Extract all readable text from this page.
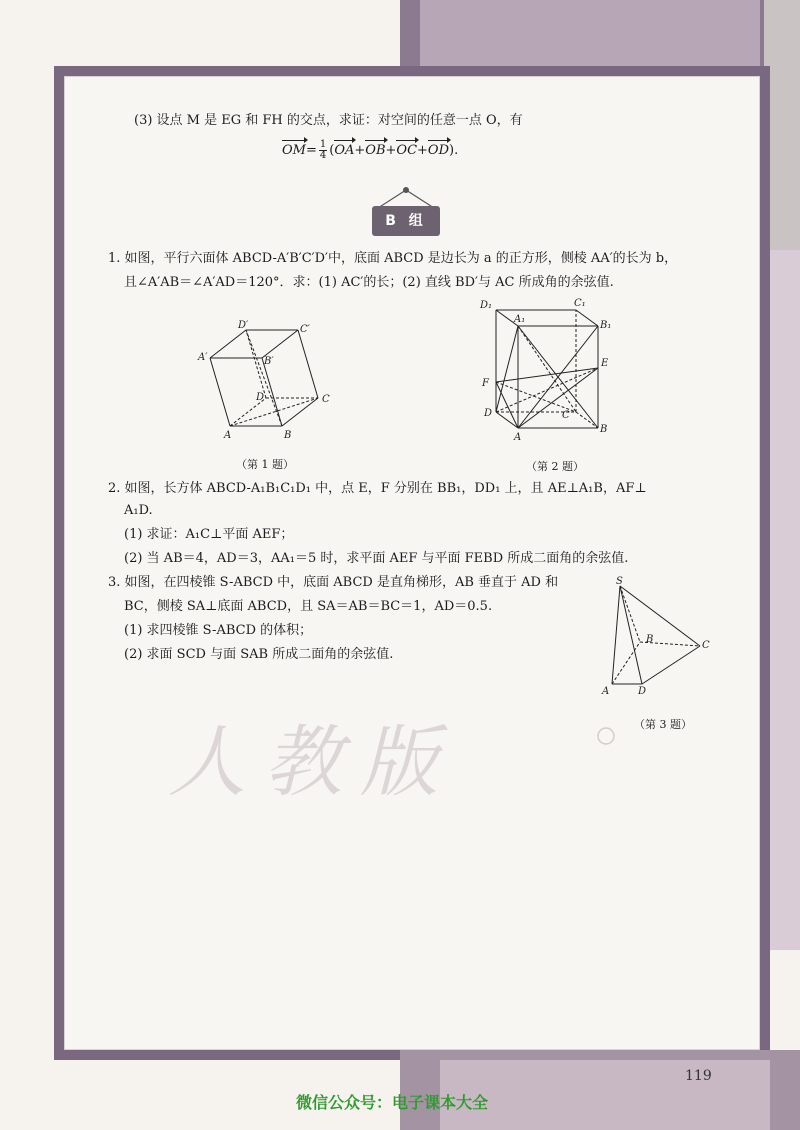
人教版
(3) 设点 M 是 EG 和 FH 的交点，求证：对空间的任意一点 O，有
$OM= \frac{1}{4} (OA+OB+OC+OD)$.
B 组
1. 如图，平行六面体 ABCD-A′B′C′D′中，底面 ABCD 是边长为 a 的正方形，侧棱 AA′的长为 b，
且∠A′AB＝∠A′AD＝120°．求：(1) AC′的长；(2) 直线 BD′与 AC 所成角的余弦值.
D′	C′
A′	B′
D	C
A	B
（第 1 题）
D₁	C₁
A₁
B₁
E
F
D	C
A
B
（第 2 题）
2. 如图，长方体 ABCD-A₁B₁C₁D₁ 中，点 E，F 分别在 BB₁，DD₁ 上，且 AE⊥A₁B，AF⊥
A₁D.
(1) 求证：A₁C⊥平面 AEF；
(2) 当 AB＝4，AD＝3，AA₁＝5 时，求平面 AEF 与平面 FEBD 所成二面角的余弦值.
3. 如图，在四棱锥 S-ABCD 中，底面 ABCD 是直角梯形，AB 垂直于 AD 和
BC，侧棱 SA⊥底面 ABCD，且 SA＝AB＝BC＝1，AD＝0.5.
(1) 求四棱锥 S-ABCD 的体积；
(2) 求面 SCD 与面 SAB 所成二面角的余弦值.
S
B
C
A	D
（第 3 题）
119
微信公众号：电子课本大全
